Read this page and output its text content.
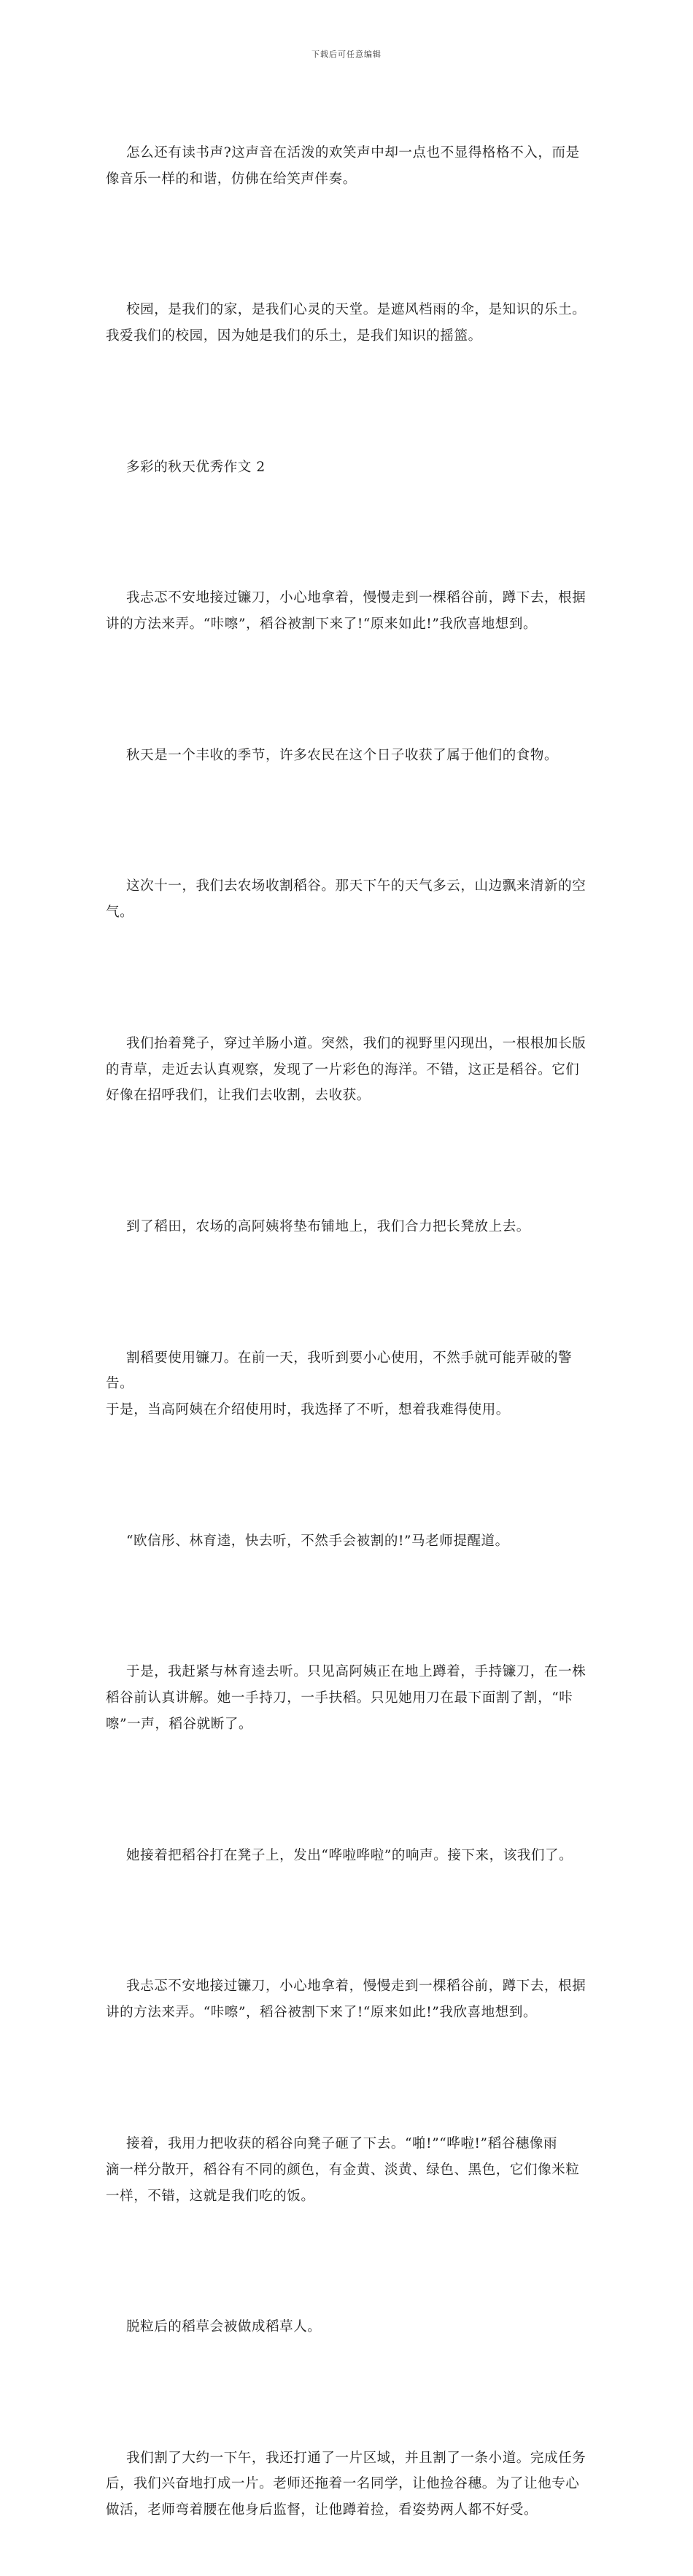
下载后可任意编辑

怎么还有读书声?这声音在活泼的欢笑声中却一点也不显得格格不入，而是
像音乐一样的和谐，仿佛在给笑声伴奏。

校园，是我们的家，是我们心灵的天堂。是遮风档雨的伞，是知识的乐土。
我爱我们的校园，因为她是我们的乐土，是我们知识的摇篮。

多彩的秋天优秀作文 2

我忐忑不安地接过镰刀，小心地拿着，慢慢走到一棵稻谷前，蹲下去，根据
讲的方法来弄。“咔嚓”，稻谷被割下来了!“原来如此!”我欣喜地想到。

秋天是一个丰收的季节，许多农民在这个日子收获了属于他们的食物。

这次十一，我们去农场收割稻谷。那天下午的天气多云，山边飘来清新的空
气。

我们抬着凳子，穿过羊肠小道。突然，我们的视野里闪现出，一根根加长版
的青草，走近去认真观察，发现了一片彩色的海洋。不错，这正是稻谷。它们
好像在招呼我们，让我们去收割，去收获。

到了稻田，农场的高阿姨将垫布铺地上，我们合力把长凳放上去。

割稻要使用镰刀。在前一天，我听到要小心使用，不然手就可能弄破的警告。
于是，当高阿姨在介绍使用时，我选择了不听，想着我难得使用。

“欧信彤、林育逵，快去听，不然手会被割的!”马老师提醒道。

于是，我赶紧与林育逵去听。只见高阿姨正在地上蹲着，手持镰刀，在一株
稻谷前认真讲解。她一手持刀，一手扶稻。只见她用刀在最下面割了割，“咔
嚓”一声，稻谷就断了。

她接着把稻谷打在凳子上，发出“哗啦哗啦”的响声。接下来，该我们了。

我忐忑不安地接过镰刀，小心地拿着，慢慢走到一棵稻谷前，蹲下去，根据
讲的方法来弄。“咔嚓”，稻谷被割下来了!“原来如此!”我欣喜地想到。

接着，我用力把收获的稻谷向凳子砸了下去。“啪!”“哗啦!”稻谷穗像雨
滴一样分散开，稻谷有不同的颜色，有金黄、淡黄、绿色、黑色，它们像米粒
一样，不错，这就是我们吃的饭。

脱粒后的稻草会被做成稻草人。

我们割了大约一下午，我还打通了一片区域，并且割了一条小道。完成任务
后，我们兴奋地打成一片。老师还拖着一名同学，让他捡谷穗。为了让他专心
做活，老师弯着腰在他身后监督，让他蹲着捡，看姿势两人都不好受。
